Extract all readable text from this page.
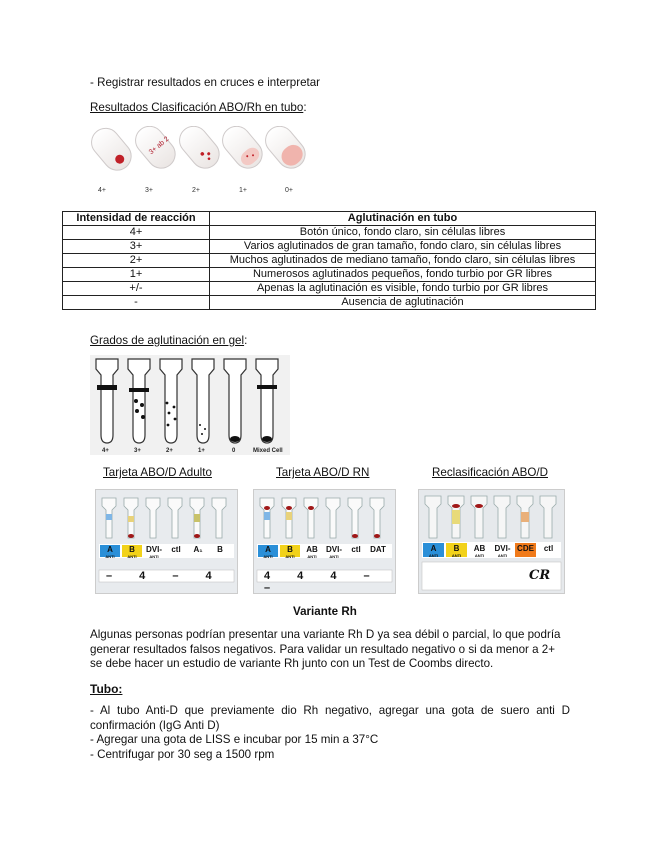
- Registrar resultados en cruces e interpretar
Resultados Clasificación ABO/Rh en tubo:
3+ ab 2
4+	3+	2+	1+	0+
Intensidad de reacción	Aglutinación en tubo
4+	Botón único, fondo claro, sin células libres
3+	Varios aglutinados de gran tamaño, fondo claro, sin células libres
2+	Muchos aglutinados de mediano tamaño, fondo claro, sin células libres
1+	Numerosos aglutinados pequeños, fondo turbio por GR libres
+/-	Apenas la aglutinación es visible, fondo turbio por GR libres
-	Ausencia de aglutinación
Grados de aglutinación en gel:
4+	3+	2+	1+	0	Mixed Cell
Tarjeta ABO/D Adulto	Tarjeta ABO/D RN	Reclasificación ABO/D
A	B	DVI-	ctl	A₁	B
ANTI	ANTI	ANTI
– 4 – 4
A	B	AB	DVI-	ctl	DAT
ANTI	ANTI	ANTI	ANTI
4 4 4 – –
A	B	AB	DVI- CDE	ctl
ANTI	ANTI	ANTI	ANTI
CR
Variante Rh
Algunas personas podrían presentar una variante Rh D ya sea débil o parcial, lo que podría
generar resultados falsos negativos. Para validar un resultado negativo o si da menor a 2+
se debe hacer un estudio de variante Rh junto con un Test de Coombs directo.
Tubo:
- Al tubo Anti-D que previamente dio Rh negativo, agregar una gota de suero anti D
confirmación (IgG Anti D)
- Agregar una gota de LISS e incubar por 15 min a 37°C
- Centrifugar por 30 seg a 1500 rpm
